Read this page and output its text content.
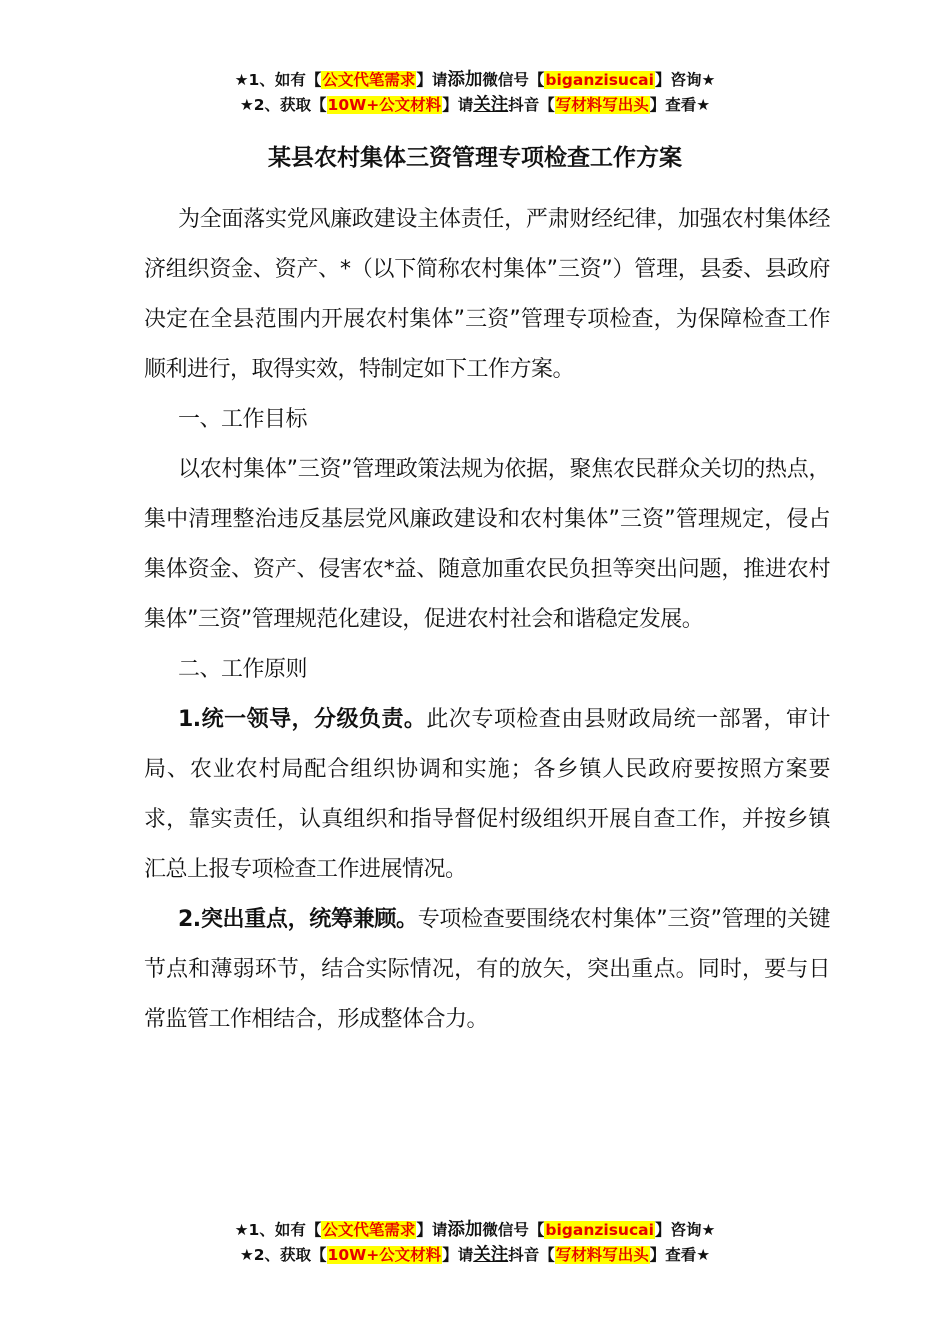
★1、如有【公文代笔需求】请添加微信号【biganzisucai】咨询★
★2、获取【10W+公文材料】请关注抖音【写材料写出头】查看★
某县农村集体三资管理专项检查工作方案

为全面落实党风廉政建设主体责任，严肃财经纪律，加强农村集体经济组织资金、资产、*（以下简称农村集体”三资”）管理，县委、县政府决定在全县范围内开展农村集体”三资”管理专项检查，为保障检查工作顺利进行，取得实效，特制定如下工作方案。

一、工作目标

以农村集体”三资”管理政策法规为依据，聚焦农民群众关切的热点，集中清理整治违反基层党风廉政建设和农村集体”三资”管理规定，侵占集体资金、资产、侵害农*益、随意加重农民负担等突出问题，推进农村集体”三资”管理规范化建设，促进农村社会和谐稳定发展。

二、工作原则

1.统一领导，分级负责。此次专项检查由县财政局统一部署，审计局、农业农村局配合组织协调和实施；各乡镇人民政府要按照方案要求，靠实责任，认真组织和指导督促村级组织开展自查工作，并按乡镇汇总上报专项检查工作进展情况。

2.突出重点，统筹兼顾。专项检查要围绕农村集体”三资”管理的关键节点和薄弱环节，结合实际情况，有的放矢，突出重点。同时，要与日常监管工作相结合，形成整体合力。

★1、如有【公文代笔需求】请添加微信号【biganzisucai】咨询★
★2、获取【10W+公文材料】请关注抖音【写材料写出头】查看★
